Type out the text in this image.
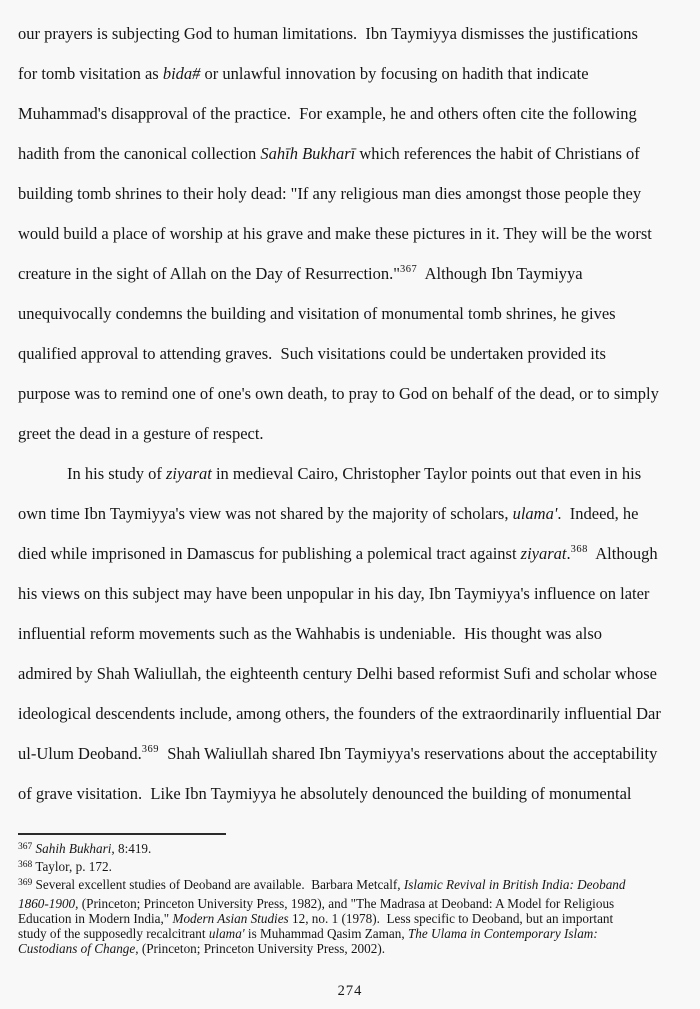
our prayers is subjecting God to human limitations.  Ibn Taymiyya dismisses the justifications
for tomb visitation as bida# or unlawful innovation by focusing on hadith that indicate
Muhammad's disapproval of the practice.  For example, he and others often cite the following
hadith from the canonical collection Sahīh Bukharī which references the habit of Christians of
building tomb shrines to their holy dead: "If any religious man dies amongst those people they
would build a place of worship at his grave and make these pictures in it. They will be the worst
creature in the sight of Allah on the Day of Resurrection."$^{367}$  Although Ibn Taymiyya
unequivocally condemns the building and visitation of monumental tomb shrines, he gives
qualified approval to attending graves.  Such visitations could be undertaken provided its
purpose was to remind one of one's own death, to pray to God on behalf of the dead, or to simply
greet the dead in a gesture of respect.
In his study of ziyarat in medieval Cairo, Christopher Taylor points out that even in his
own time Ibn Taymiyya's view was not shared by the majority of scholars, ulama'.  Indeed, he
died while imprisoned in Damascus for publishing a polemical tract against ziyarat.$^{368}$  Although
his views on this subject may have been unpopular in his day, Ibn Taymiyya's influence on later
influential reform movements such as the Wahhabis is undeniable.  His thought was also
admired by Shah Waliullah, the eighteenth century Delhi based reformist Sufi and scholar whose
ideological descendents include, among others, the founders of the extraordinarily influential Dar
ul-Ulum Deoband.$^{369}$  Shah Waliullah shared Ibn Taymiyya's reservations about the acceptability
of grave visitation.  Like Ibn Taymiyya he absolutely denounced the building of monumental
$^{367}$ Sahih Bukhari, 8:419.
$^{368}$ Taylor, p. 172.
$^{369}$ Several excellent studies of Deoband are available.  Barbara Metcalf, Islamic Revival in British India: Deoband
1860-1900, (Princeton; Princeton University Press, 1982), and "The Madrasa at Deoband: A Model for Religious
Education in Modern India," Modern Asian Studies 12, no. 1 (1978).  Less specific to Deoband, but an important
study of the supposedly recalcitrant ulama' is Muhammad Qasim Zaman, The Ulama in Contemporary Islam:
Custodians of Change, (Princeton; Princeton University Press, 2002).
274
